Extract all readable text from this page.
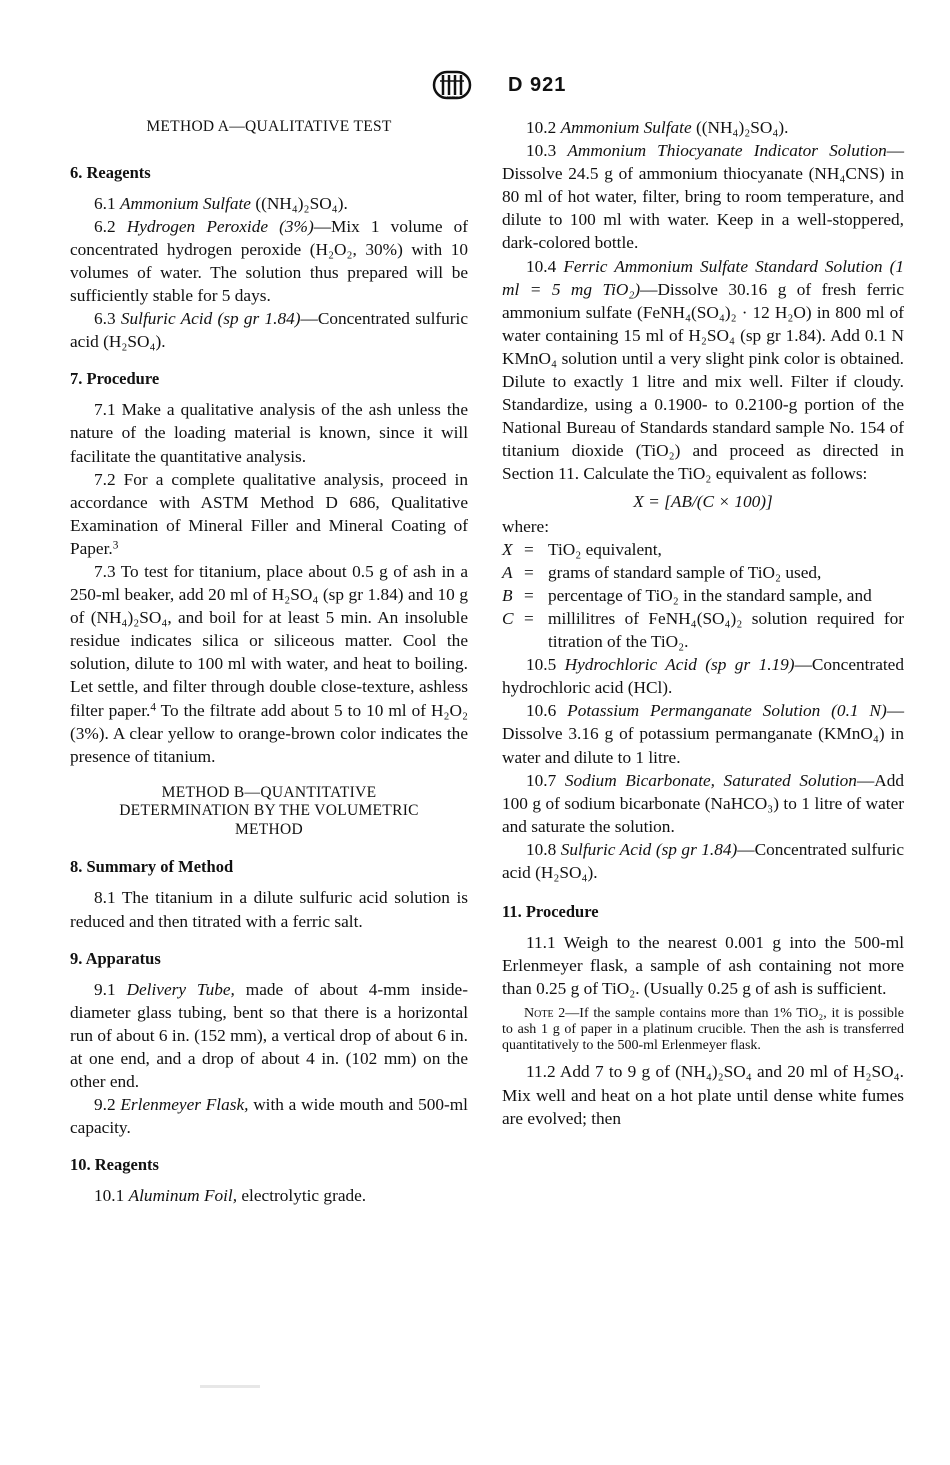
ASTM
D 921

METHOD A—QUALITATIVE TEST

6. Reagents

6.1 Ammonium Sulfate ((NH₄)₂SO₄).

6.2 Hydrogen Peroxide (3%)—Mix 1 volume of concentrated hydrogen peroxide (H₂O₂, 30%) with 10 volumes of water. The solution thus prepared will be sufficiently stable for 5 days.

6.3 Sulfuric Acid (sp gr 1.84)—Concentrated sulfuric acid (H₂SO₄).

7. Procedure

7.1 Make a qualitative analysis of the ash unless the nature of the loading material is known, since it will facilitate the quantitative analysis.

7.2 For a complete qualitative analysis, proceed in accordance with ASTM Method D 686, Qualitative Examination of Mineral Filler and Mineral Coating of Paper.$^3$

7.3 To test for titanium, place about 0.5 g of ash in a 250-ml beaker, add 20 ml of H₂SO₄ (sp gr 1.84) and 10 g of (NH₄)₂SO₄, and boil for at least 5 min. An insoluble residue indicates silica or siliceous matter. Cool the solution, dilute to 100 ml with water, and heat to boiling. Let settle, and filter through double close-texture, ashless filter paper.$^4$ To the filtrate add about 5 to 10 ml of H₂O₂ (3%). A clear yellow to orange-brown color indicates the presence of titanium.

METHOD B—QUANTITATIVE

DETERMINATION BY THE VOLUMETRIC

METHOD

8. Summary of Method

8.1 The titanium in a dilute sulfuric acid solution is reduced and then titrated with a ferric salt.

9. Apparatus

9.1 Delivery Tube, made of about 4-mm inside-diameter glass tubing, bent so that there is a horizontal run of about 6 in. (152 mm), a vertical drop of about 6 in. at one end, and a drop of about 4 in. (102 mm) on the other end.

9.2 Erlenmeyer Flask, with a wide mouth and 500-ml capacity.

10. Reagents

10.1 Aluminum Foil, electrolytic grade.

10.2 Ammonium Sulfate ((NH₄)₂SO₄).

10.3 Ammonium Thiocyanate Indicator Solution—Dissolve 24.5 g of ammonium thiocyanate (NH₄CNS) in 80 ml of hot water, filter, bring to room temperature, and dilute to 100 ml with water. Keep in a well-stoppered, dark-colored bottle.

10.4 Ferric Ammonium Sulfate Standard Solution (1 ml = 5 mg TiO₂)—Dissolve 30.16 g of fresh ferric ammonium sulfate (FeNH₄(SO₄)₂ · 12 H₂O) in 800 ml of water containing 15 ml of H₂SO₄ (sp gr 1.84). Add 0.1 N KMnO₄ solution until a very slight pink color is obtained. Dilute to exactly 1 litre and mix well. Filter if cloudy. Standardize, using a 0.1900- to 0.2100-g portion of the National Bureau of Standards standard sample No. 154 of titanium dioxide (TiO₂) and proceed as directed in Section 11. Calculate the TiO₂ equivalent as follows:

X = [AB/(C × 100)]

where:

X = TiO₂ equivalent,
A = grams of standard sample of TiO₂ used,
B = percentage of TiO₂ in the standard sample, and
C = millilitres of FeNH₄(SO₄)₂ solution required for titration of the TiO₂.

10.5 Hydrochloric Acid (sp gr 1.19)—Concentrated hydrochloric acid (HCl).

10.6 Potassium Permanganate Solution (0.1 N)—Dissolve 3.16 g of potassium permanganate (KMnO₄) in water and dilute to 1 litre.

10.7 Sodium Bicarbonate, Saturated Solution—Add 100 g of sodium bicarbonate (NaHCO₃) to 1 litre of water and saturate the solution.

10.8 Sulfuric Acid (sp gr 1.84)—Concentrated sulfuric acid (H₂SO₄).

11. Procedure

11.1 Weigh to the nearest 0.001 g into the 500-ml Erlenmeyer flask, a sample of ash containing not more than 0.25 g of TiO₂. (Usually 0.25 g of ash is sufficient.

Note 2—If the sample contains more than 1% TiO₂, it is possible to ash 1 g of paper in a platinum crucible. Then the ash is transferred quantitatively to the 500-ml Erlenmeyer flask.

11.2 Add 7 to 9 g of (NH₄)₂SO₄ and 20 ml of H₂SO₄. Mix well and heat on a hot plate until dense white fumes are evolved; then
